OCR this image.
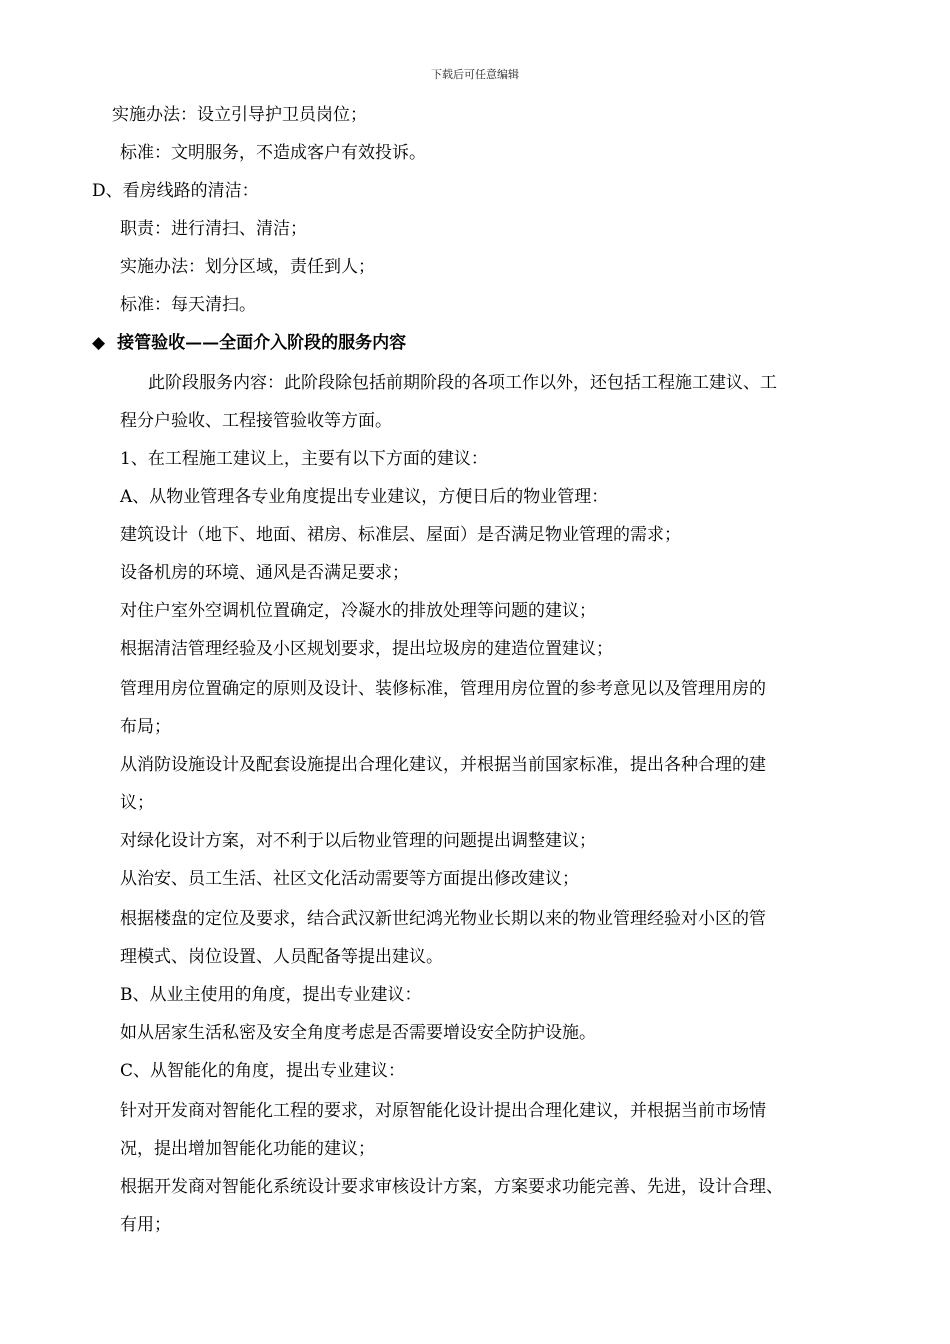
下载后可任意编辑
实施办法：设立引导护卫员岗位；
标准：文明服务，不造成客户有效投诉。
D、看房线路的清洁：
职责：进行清扫、清洁；
实施办法：划分区域，责任到人；
标准：每天清扫。
◆ 接管验收——全面介入阶段的服务内容
此阶段服务内容：此阶段除包括前期阶段的各项工作以外，还包括工程施工建议、工
程分户验收、工程接管验收等方面。
1、在工程施工建议上，主要有以下方面的建议：
A、从物业管理各专业角度提出专业建议，方便日后的物业管理：
建筑设计（地下、地面、裙房、标准层、屋面）是否满足物业管理的需求；
设备机房的环境、通风是否满足要求；
对住户室外空调机位置确定，冷凝水的排放处理等问题的建议；
根据清洁管理经验及小区规划要求，提出垃圾房的建造位置建议；
管理用房位置确定的原则及设计、装修标准，管理用房位置的参考意见以及管理用房的
布局；
从消防设施设计及配套设施提出合理化建议，并根据当前国家标准，提出各种合理的建
议；
对绿化设计方案，对不利于以后物业管理的问题提出调整建议；
从治安、员工生活、社区文化活动需要等方面提出修改建议；
根据楼盘的定位及要求，结合武汉新世纪鸿光物业长期以来的物业管理经验对小区的管
理模式、岗位设置、人员配备等提出建议。
B、从业主使用的角度，提出专业建议：
如从居家生活私密及安全角度考虑是否需要增设安全防护设施。
C、从智能化的角度，提出专业建议：
针对开发商对智能化工程的要求，对原智能化设计提出合理化建议，并根据当前市场情
况，提出增加智能化功能的建议；
根据开发商对智能化系统设计要求审核设计方案，方案要求功能完善、先进，设计合理、
有用；
